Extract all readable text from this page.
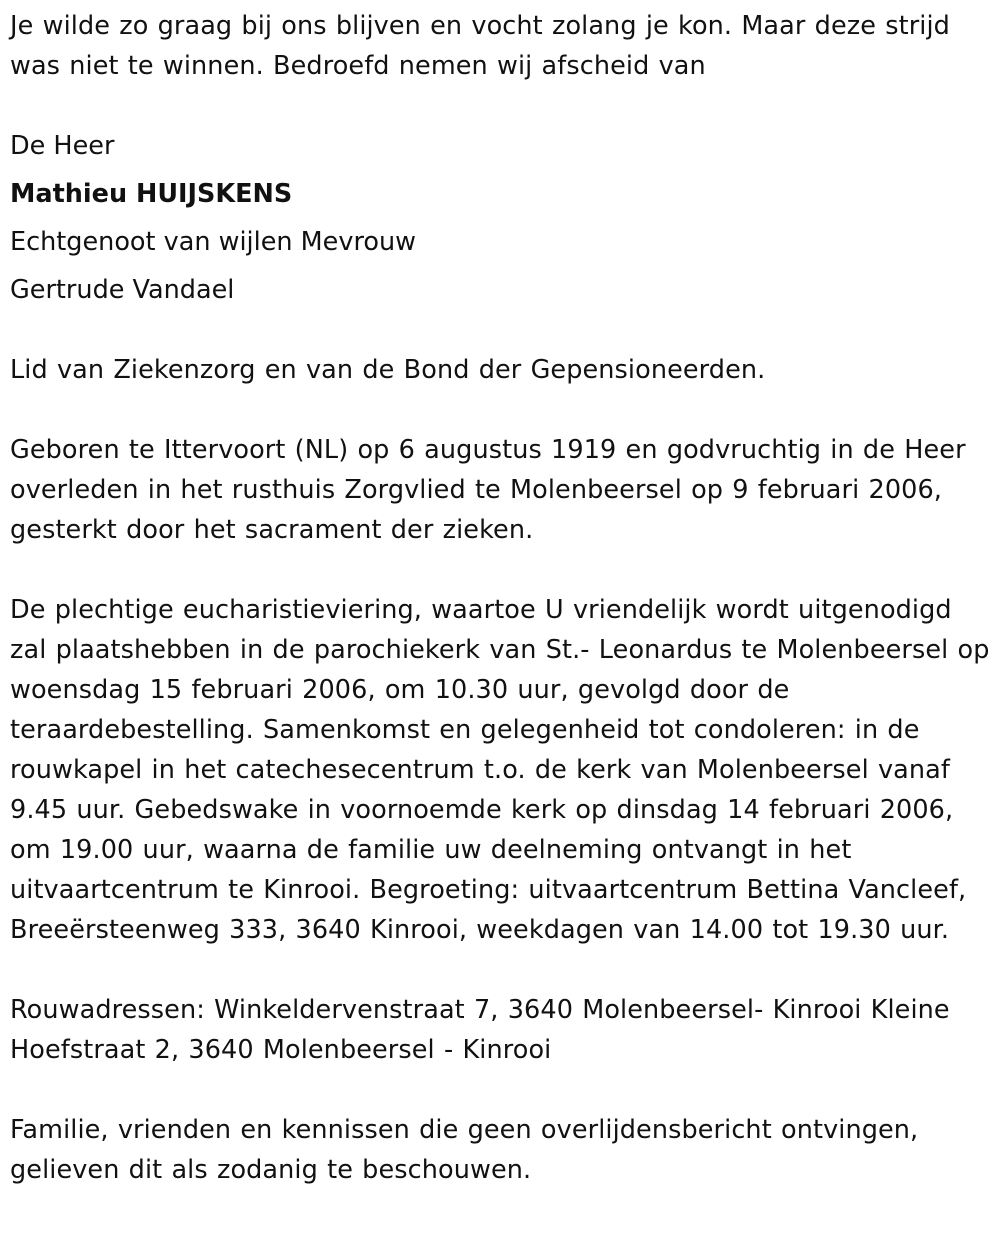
Je wilde zo graag bij ons blijven en vocht zolang je kon. Maar deze strijd was niet te winnen. Bedroefd nemen wij afscheid van

De Heer

Mathieu HUIJSKENS

Echtgenoot van wijlen Mevrouw

Gertrude Vandael

Lid van Ziekenzorg en van de Bond der Gepensioneerden.

Geboren te Ittervoort (NL) op 6 augustus 1919 en godvruchtig in de Heer overleden in het rusthuis Zorgvlied te Molenbeersel op 9 februari 2006, gesterkt door het sacrament der zieken.

De plechtige eucharistieviering, waartoe U vriendelijk wordt uitgenodigd zal plaatshebben in de parochiekerk van St.- Leonardus te Molenbeersel op woensdag 15 februari 2006, om 10.30 uur, gevolgd door de teraardebestelling. Samenkomst en gelegenheid tot condoleren: in de rouwkapel in het catechesecentrum t.o. de kerk van Molenbeersel vanaf 9.45 uur. Gebedswake in voornoemde kerk op dinsdag 14 februari 2006, om 19.00 uur, waarna de familie uw deelneming ontvangt in het uitvaartcentrum te Kinrooi. Begroeting: uitvaartcentrum Bettina Vancleef, Breeërsteenweg 333, 3640 Kinrooi, weekdagen van 14.00 tot 19.30 uur.

Rouwadressen: Winkeldervenstraat 7, 3640 Molenbeersel- Kinrooi Kleine Hoefstraat 2, 3640 Molenbeersel - Kinrooi

Familie, vrienden en kennissen die geen overlijdensbericht ontvingen, gelieven dit als zodanig te beschouwen.
